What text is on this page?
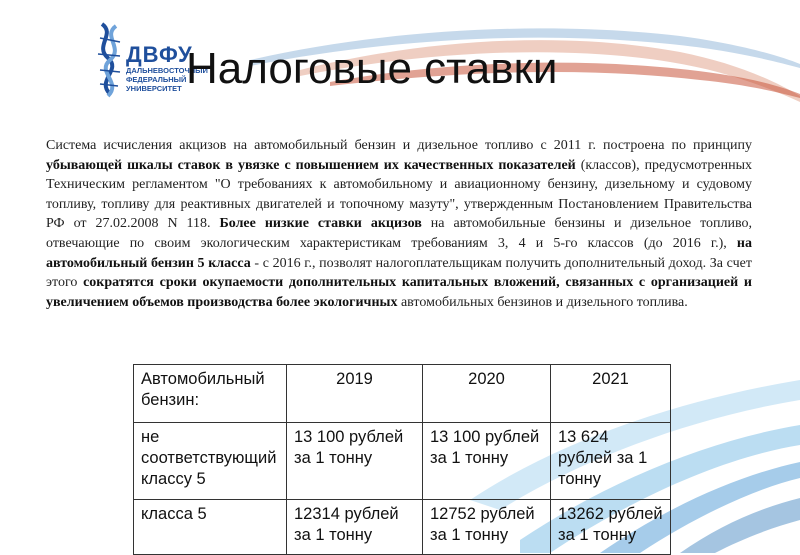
ДВФУ
ДАЛЬНЕВОСТОЧНЫЙ
ФЕДЕРАЛЬНЫЙ
УНИВЕРСИТЕТ Налоговые ставки
Система исчисления акцизов на автомобильный бензин и дизельное топливо с 2011 г. построена по принципу убывающей шкалы ставок в увязке с повышением их качественных показателей (классов), предусмотренных Техническим регламентом "О требованиях к автомобильному и авиационному бензину, дизельному и судовому топливу, топливу для реактивных двигателей и топочному мазуту", утвержденным Постановлением Правительства РФ от 27.02.2008 N 118. Более низкие ставки акцизов на автомобильные бензины и дизельное топливо, отвечающие по своим экологическим характеристикам требованиям 3, 4 и 5-го классов (до 2016 г.), на автомобильный бензин 5 класса - с 2016 г., позволят налогоплательщикам получить дополнительный доход. За счет этого сократятся сроки окупаемости дополнительных капитальных вложений, связанных с организацией и увеличением объемов производства более экологичных автомобильных бензинов и дизельного топлива.
Автомобильный бензин:	2019	2020	2021
не соответствующий классу 5	13 100 рублей за 1 тонну	13 100 рублей за 1 тонну	13 624 рублей за 1 тонну
класса 5	12314 рублей за 1 тонну	12752 рублей за 1 тонну	13262 рублей за 1 тонну
